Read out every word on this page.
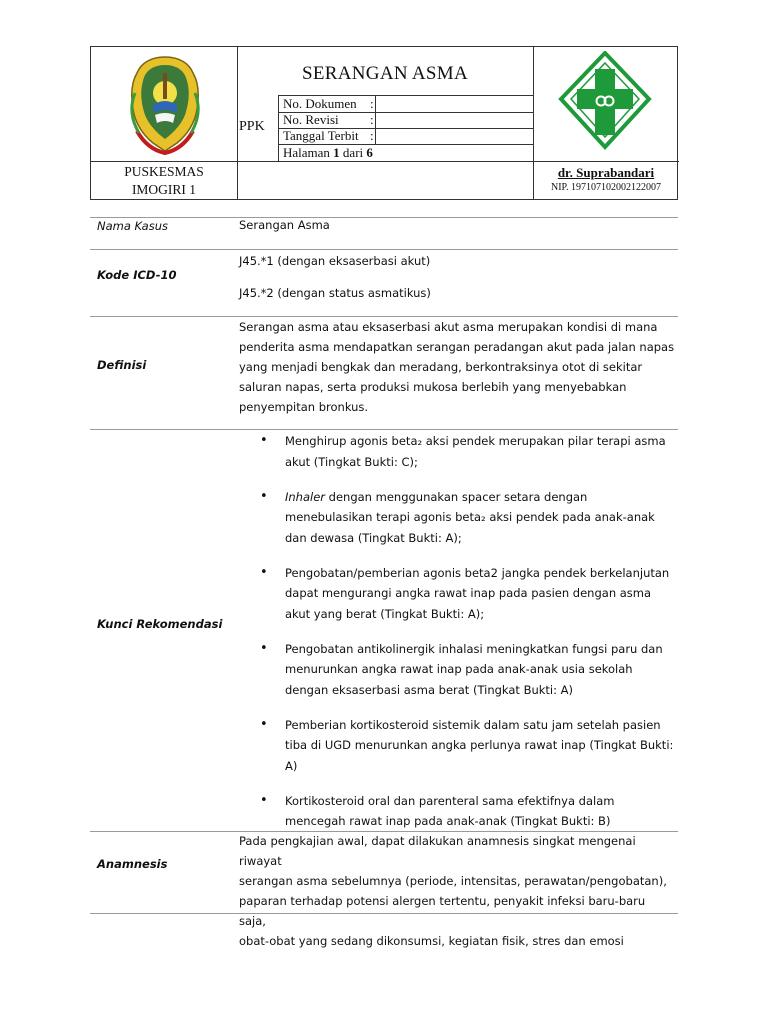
SERANGAN ASMA
PPK
No. Dokumen :
No. Revisi :
Tanggal Terbit :
Halaman 1 dari 6
PUSKESMAS
IMOGIRI 1
dr. Suprabandari
NIP. 197107102002122007
Nama Kasus	Serangan Asma
Kode ICD-10
J45.*1 (dengan eksaserbasi akut)
J45.*2 (dengan status asmatikus)
Definisi
Serangan asma atau eksaserbasi akut asma merupakan kondisi di mana
penderita asma mendapatkan serangan peradangan akut pada jalan napas
yang menjadi bengkak dan meradang, berkontraksinya otot di sekitar
saluran napas, serta produksi mukosa berlebih yang menyebabkan
penyempitan bronkus.
Kunci Rekomendasi
• Menghirup agonis beta₂ aksi pendek merupakan pilar terapi asma akut (Tingkat Bukti: C);
• Inhaler dengan menggunakan spacer setara dengan menebulasikan terapi agonis beta₂ aksi pendek pada anak-anak dan dewasa (Tingkat Bukti: A);
• Pengobatan/pemberian agonis beta2 jangka pendek berkelanjutan dapat mengurangi angka rawat inap pada pasien dengan asma akut yang berat (Tingkat Bukti: A);
• Pengobatan antikolinergik inhalasi meningkatkan fungsi paru dan menurunkan angka rawat inap pada anak-anak usia sekolah dengan eksaserbasi asma berat (Tingkat Bukti: A)
• Pemberian kortikosteroid sistemik dalam satu jam setelah pasien tiba di UGD menurunkan angka perlunya rawat inap (Tingkat Bukti: A)
• Kortikosteroid oral dan parenteral sama efektifnya dalam mencegah rawat inap pada anak-anak (Tingkat Bukti: B)
Anamnesis
Pada pengkajian awal, dapat dilakukan anamnesis singkat mengenai riwayat
serangan asma sebelumnya (periode, intensitas, perawatan/pengobatan),
paparan terhadap potensi alergen tertentu, penyakit infeksi baru-baru saja,
obat-obat yang sedang dikonsumsi, kegiatan fisik, stres dan emosi
